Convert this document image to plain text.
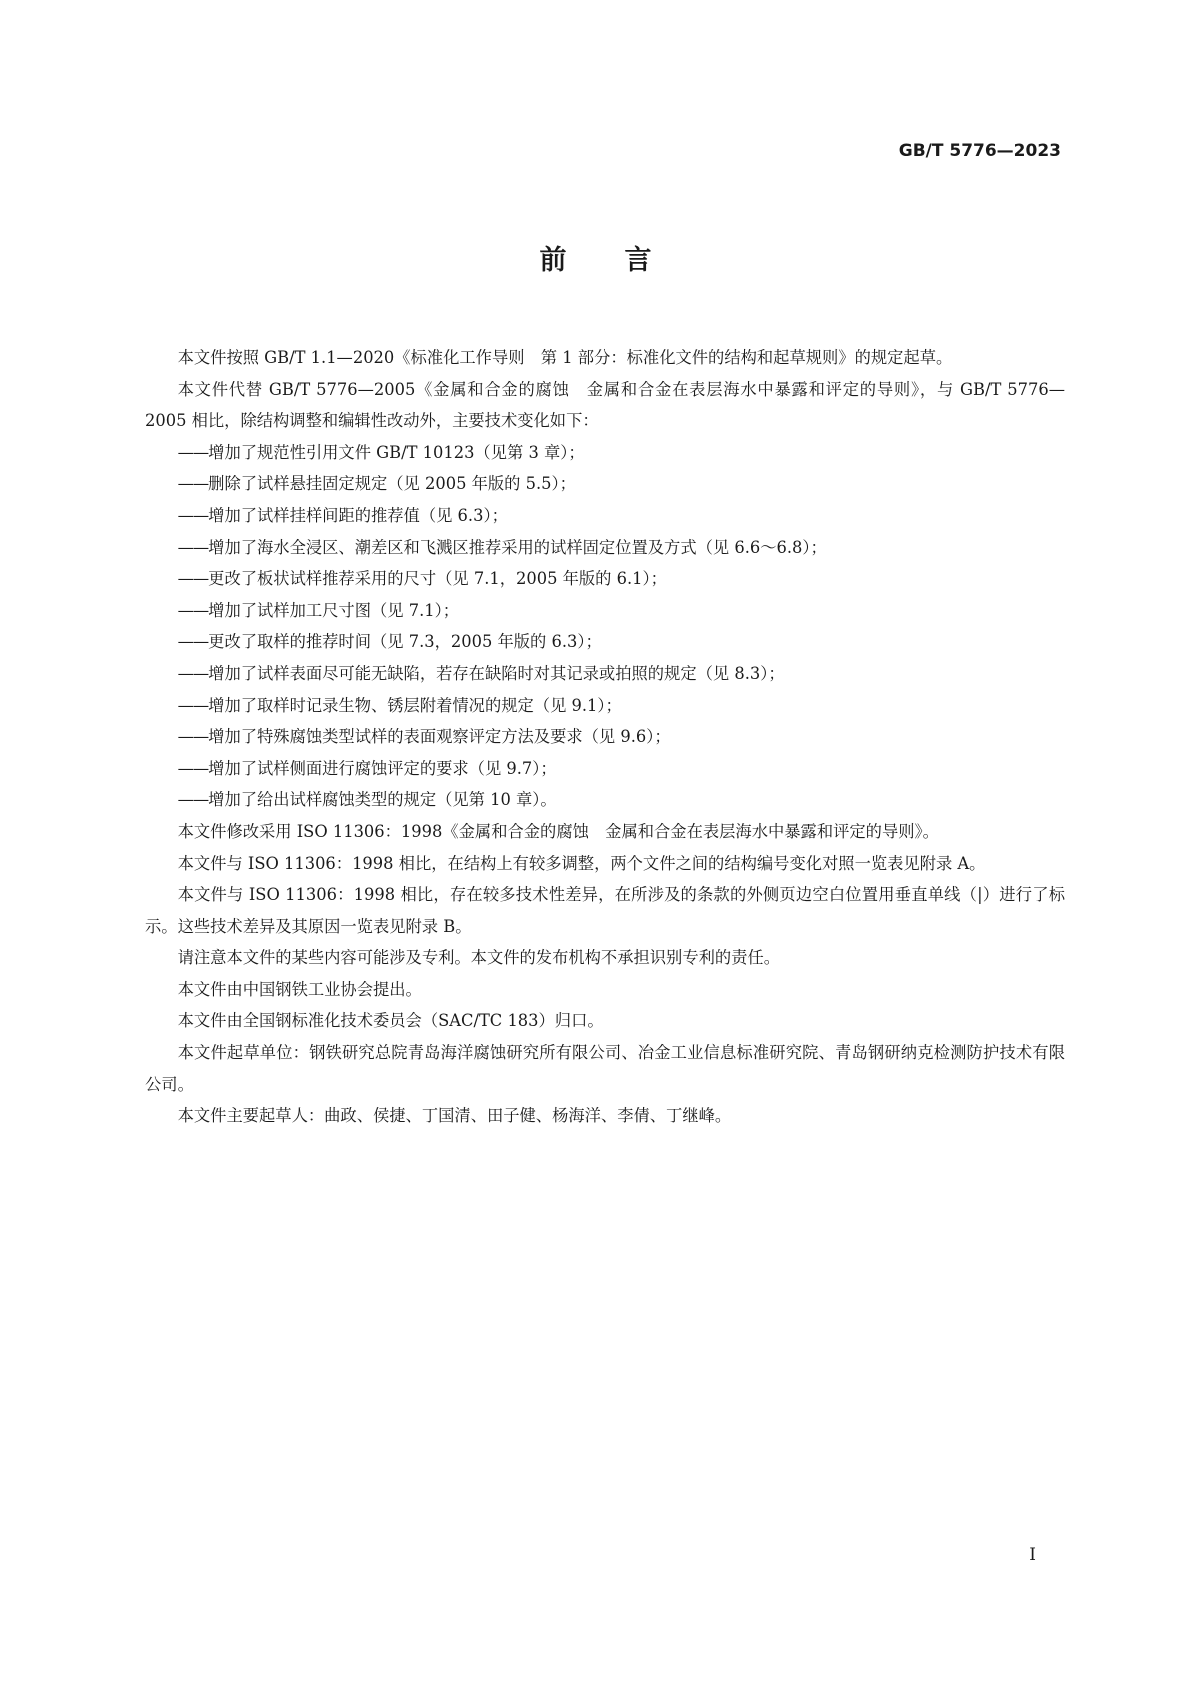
GB/T 5776—2023
前言

本文件按照 GB/T 1.1—2020《标准化工作导则　第 1 部分：标准化文件的结构和起草规则》的规定起草。

本文件代替 GB/T 5776—2005《金属和合金的腐蚀　金属和合金在表层海水中暴露和评定的导则》，与 GB/T 5776—2005 相比，除结构调整和编辑性改动外，主要技术变化如下：

——增加了规范性引用文件 GB/T 10123（见第 3 章）；

——删除了试样悬挂固定规定（见 2005 年版的 5.5）；

——增加了试样挂样间距的推荐值（见 6.3）；

——增加了海水全浸区、潮差区和飞溅区推荐采用的试样固定位置及方式（见 6.6～6.8）；

——更改了板状试样推荐采用的尺寸（见 7.1，2005 年版的 6.1）；

——增加了试样加工尺寸图（见 7.1）；

——更改了取样的推荐时间（见 7.3，2005 年版的 6.3）；

——增加了试样表面尽可能无缺陷，若存在缺陷时对其记录或拍照的规定（见 8.3）；

——增加了取样时记录生物、锈层附着情况的规定（见 9.1）；

——增加了特殊腐蚀类型试样的表面观察评定方法及要求（见 9.6）；

——增加了试样侧面进行腐蚀评定的要求（见 9.7）；

——增加了给出试样腐蚀类型的规定（见第 10 章）。

本文件修改采用 ISO 11306：1998《金属和合金的腐蚀　金属和合金在表层海水中暴露和评定的导则》。

本文件与 ISO 11306：1998 相比，在结构上有较多调整，两个文件之间的结构编号变化对照一览表见附录 A。

本文件与 ISO 11306：1998 相比，存在较多技术性差异，在所涉及的条款的外侧页边空白位置用垂直单线（|）进行了标示。这些技术差异及其原因一览表见附录 B。

请注意本文件的某些内容可能涉及专利。本文件的发布机构不承担识别专利的责任。

本文件由中国钢铁工业协会提出。

本文件由全国钢标准化技术委员会（SAC/TC 183）归口。

本文件起草单位：钢铁研究总院青岛海洋腐蚀研究所有限公司、冶金工业信息标准研究院、青岛钢研纳克检测防护技术有限公司。

本文件主要起草人：曲政、侯捷、丁国清、田子健、杨海洋、李倩、丁继峰。

I
